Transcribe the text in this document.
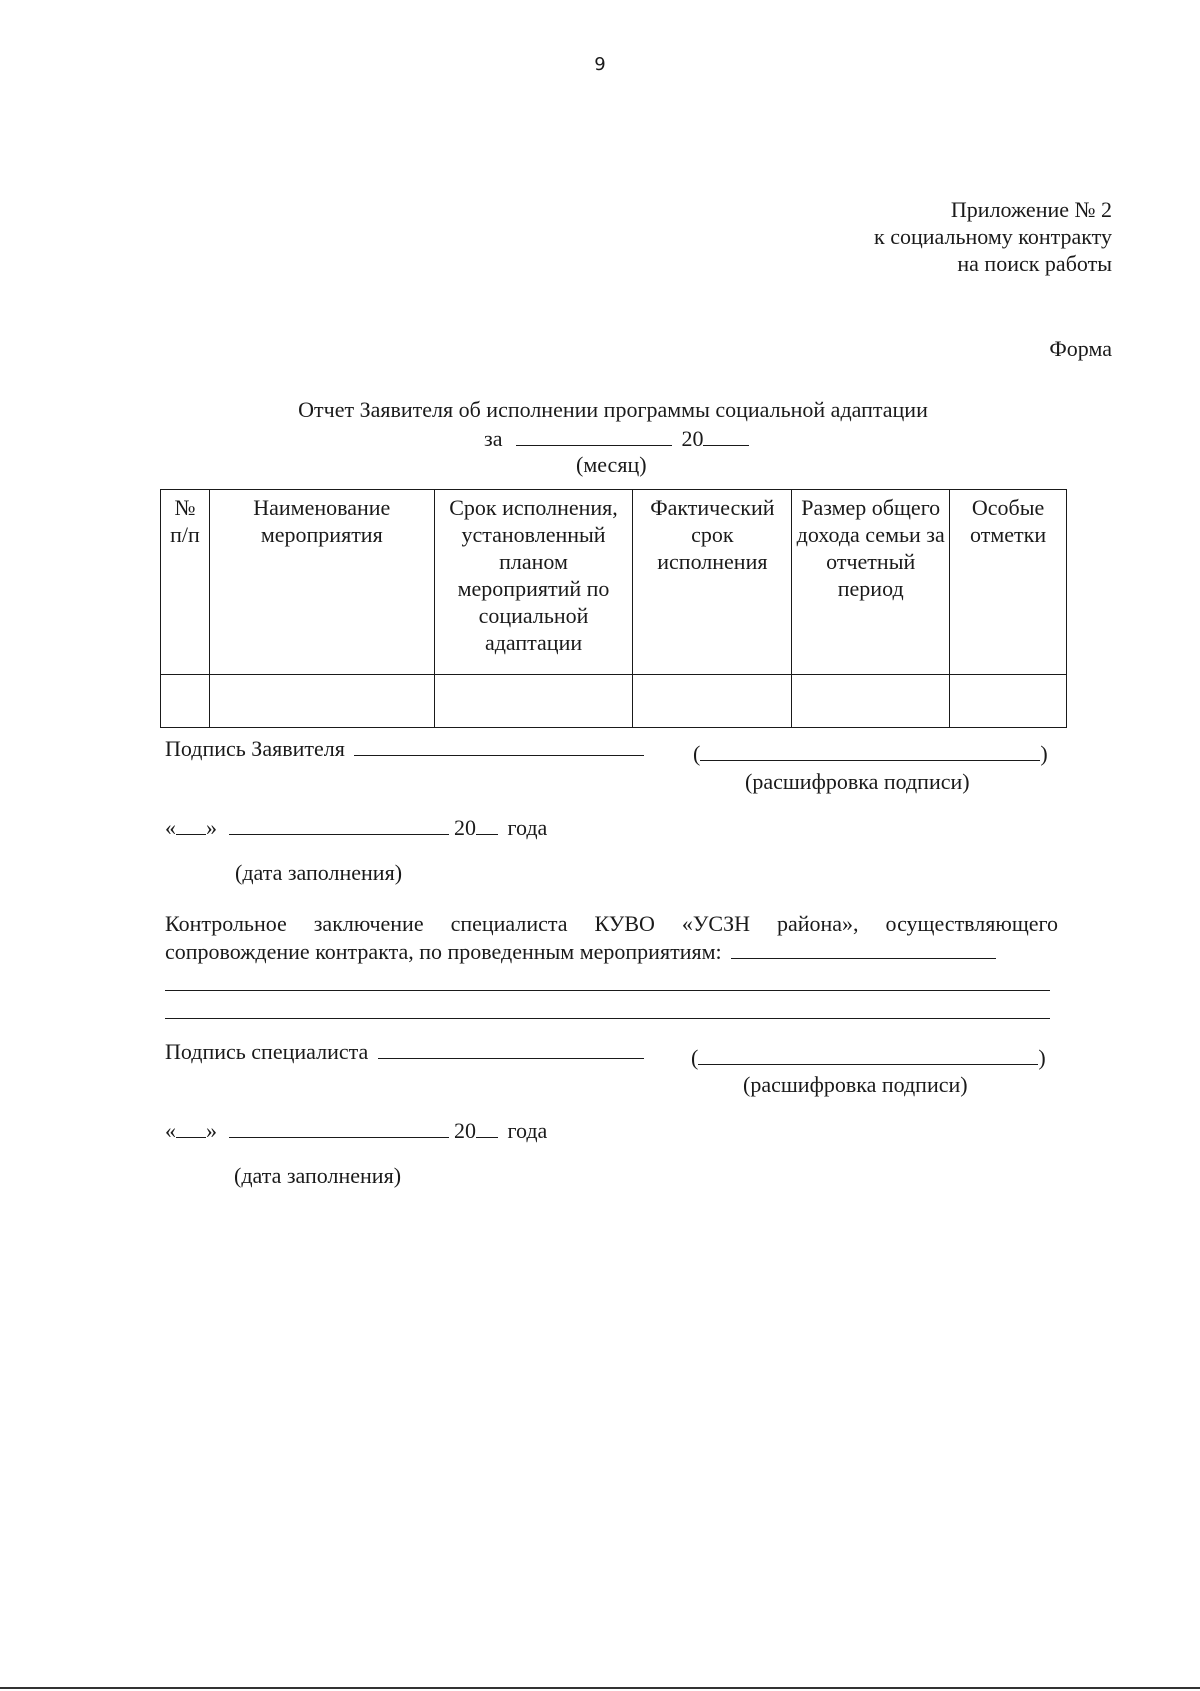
9
Приложение № 2
к социальному контракту
на поиск работы
Форма
Отчет Заявителя об исполнении программы социальной адаптации
за	20
(месяц)
№ п/п	Наименование мероприятия	Срок исполнения, установленный планом мероприятий по социальной адаптации	Фактический срок исполнения	Размер общего дохода семьи за отчетный период	Особые отметки

Подпись Заявителя	(	)
(расшифровка подписи)
« »	20 года
(дата заполнения)
Контрольное заключение специалиста КУВО «УСЗН района», осуществляющего
сопровождение контракта, по проведенным мероприятиям:
Подпись специалиста	(	)
(расшифровка подписи)
« »	20 года
(дата заполнения)
